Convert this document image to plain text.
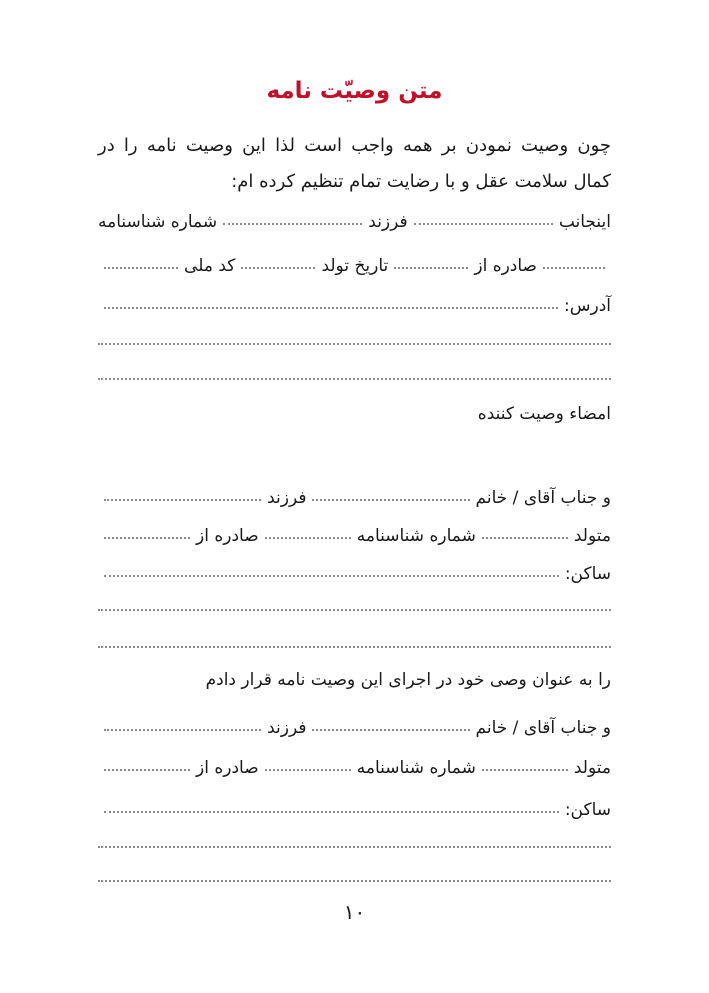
متن وصیّت نامه
چون وصیت نمودن بر همه واجب است لذا این وصیت نامه را در کمال سلامت عقل و با رضایت تمام تنظیم کرده ام:
اینجانب
فرزند
شماره شناسنامه
صادره از
تاریخ تولد
کد ملی
آدرس:
امضاء وصیت کننده
و جناب آقای / خانم
فرزند
متولد
شماره شناسنامه
صادره از
ساکن:
را به عنوان وصی خود در اجرای این وصیت نامه قرار دادم
و جناب آقای / خانم
فرزند
متولد
شماره شناسنامه
صادره از
ساکن:
۱۰
